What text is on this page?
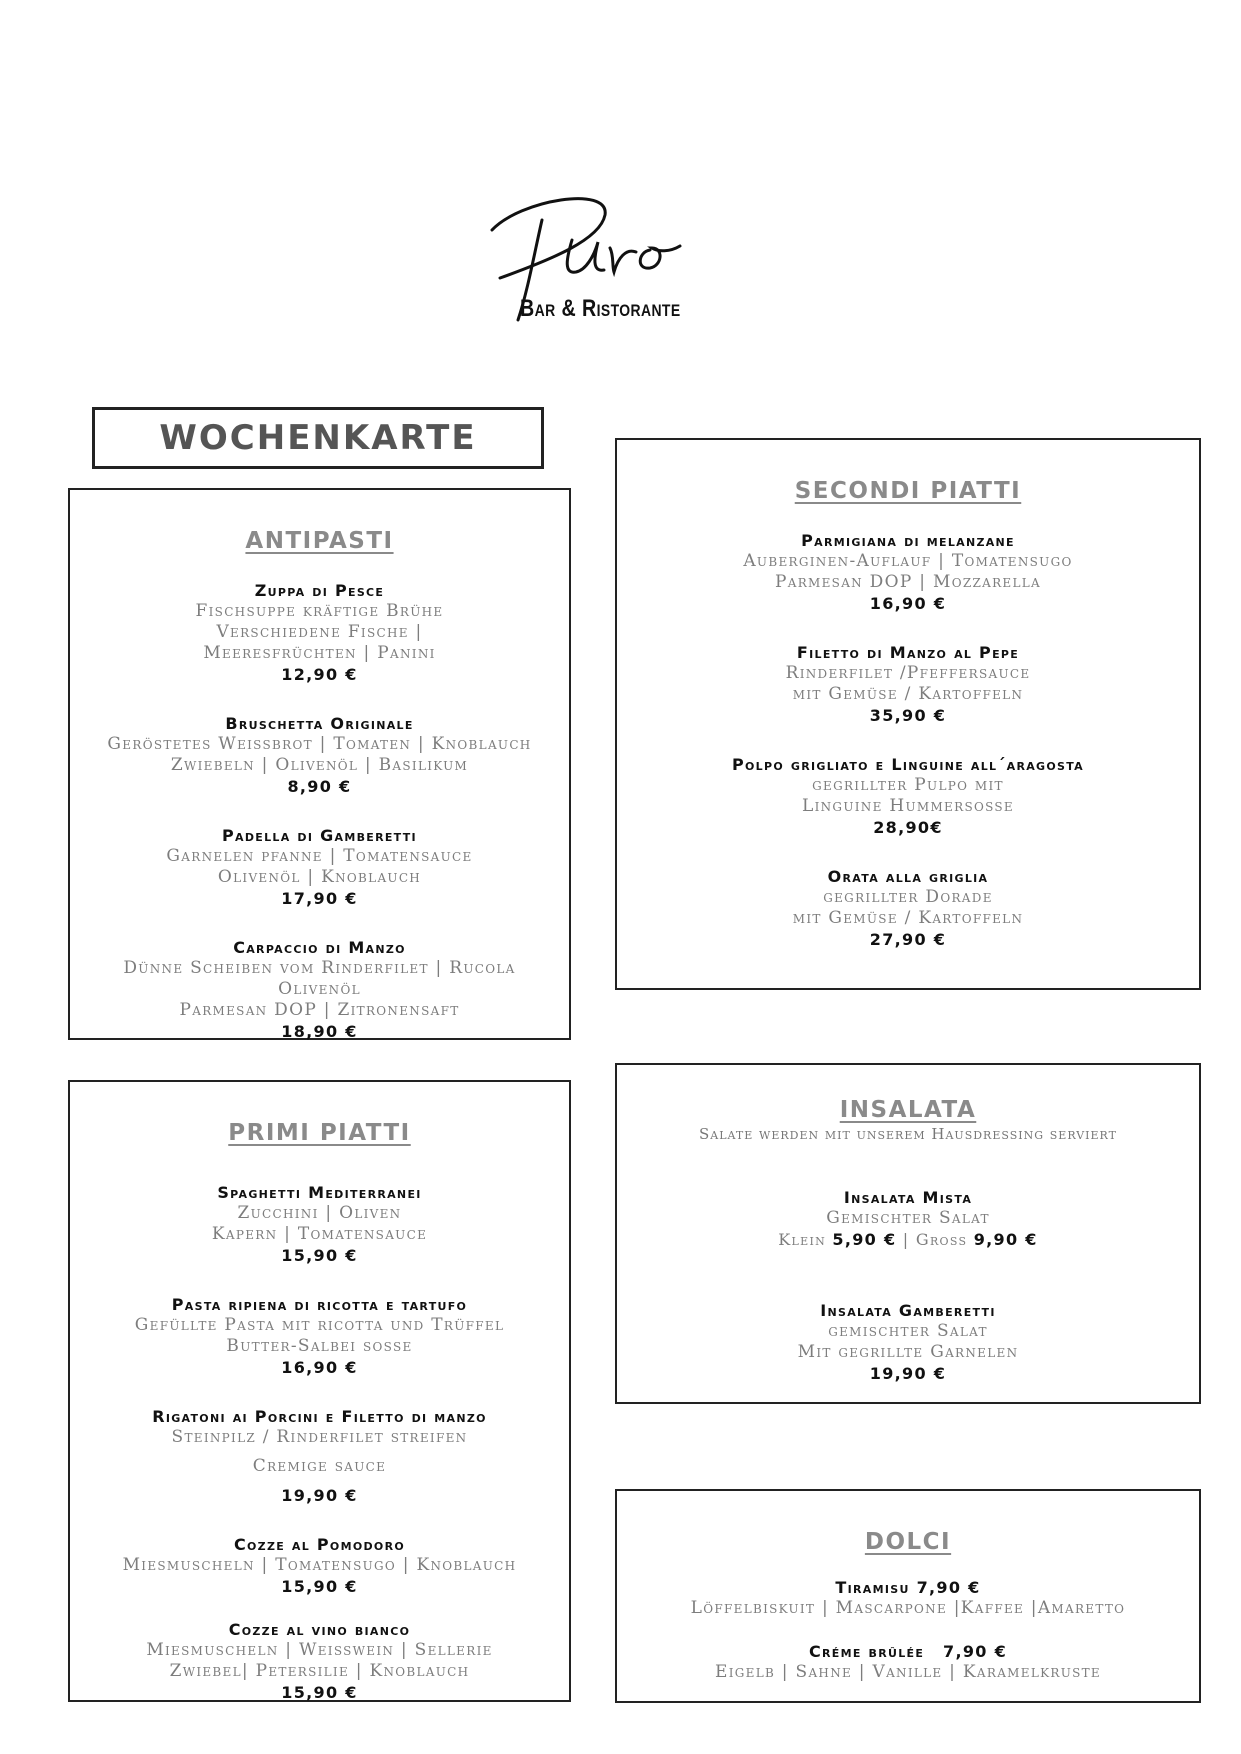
Bar & Ristorante
WOCHENKARTE
ANTIPASTI
Zuppa di Pesce
Fischsuppe kräftige Brühe
Verschiedene Fische |
Meeresfrüchten | Panini
12,90 €
Bruschetta Originale
Geröstetes Weissbrot | Tomaten | Knoblauch
Zwiebeln | Olivenöl | Basilikum
8,90 €
Padella di Gamberetti
Garnelen pfanne | Tomatensauce
Olivenöl | Knoblauch
17,90 €
Carpaccio di Manzo
Dünne Scheiben vom Rinderfilet | Rucola
Olivenöl
Parmesan DOP | Zitronensaft
18,90 €
SECONDI PIATTI
Parmigiana di melanzane
Auberginen-Auflauf | Tomatensugo
Parmesan DOP | Mozzarella
16,90 €
Filetto di Manzo al Pepe
Rinderfilet /Pfeffersauce
mit Gemüse / Kartoffeln
35,90 €
Polpo grigliato e Linguine all´aragosta
gegrillter Pulpo mit
Linguine Hummersosse
28,90€
Orata alla griglia
gegrillter Dorade
mit Gemüse / Kartoffeln
27,90 €
PRIMI PIATTI
Spaghetti Mediterranei
Zucchini | Oliven
Kapern | Tomatensauce
15,90 €
Pasta ripiena di ricotta e tartufo
Gefüllte Pasta mit ricotta und Trüffel
Butter-Salbei sosse
16,90 €
Rigatoni ai Porcini e Filetto di manzo
Steinpilz / Rinderfilet streifen
Cremige sauce
19,90 €
Cozze al Pomodoro
Miesmuscheln | Tomatensugo | Knoblauch
15,90 €
Cozze al vino bianco
Miesmuscheln | Weisswein | Sellerie
Zwiebel| Petersilie | Knoblauch
15,90 €
INSALATA
Salate werden mit unserem Hausdressing serviert
Insalata Mista
Gemischter Salat
Klein 5,90 € | Gross 9,90 €
Insalata Gamberetti
gemischter Salat
Mit gegrillte Garnelen
19,90 €
DOLCI
Tiramisu 7,90 €
Löffelbiskuit | Mascarpone |Kaffee |Amaretto
Créme brûlée 7,90 €
Eigelb | Sahne | Vanille | Karamelkruste
